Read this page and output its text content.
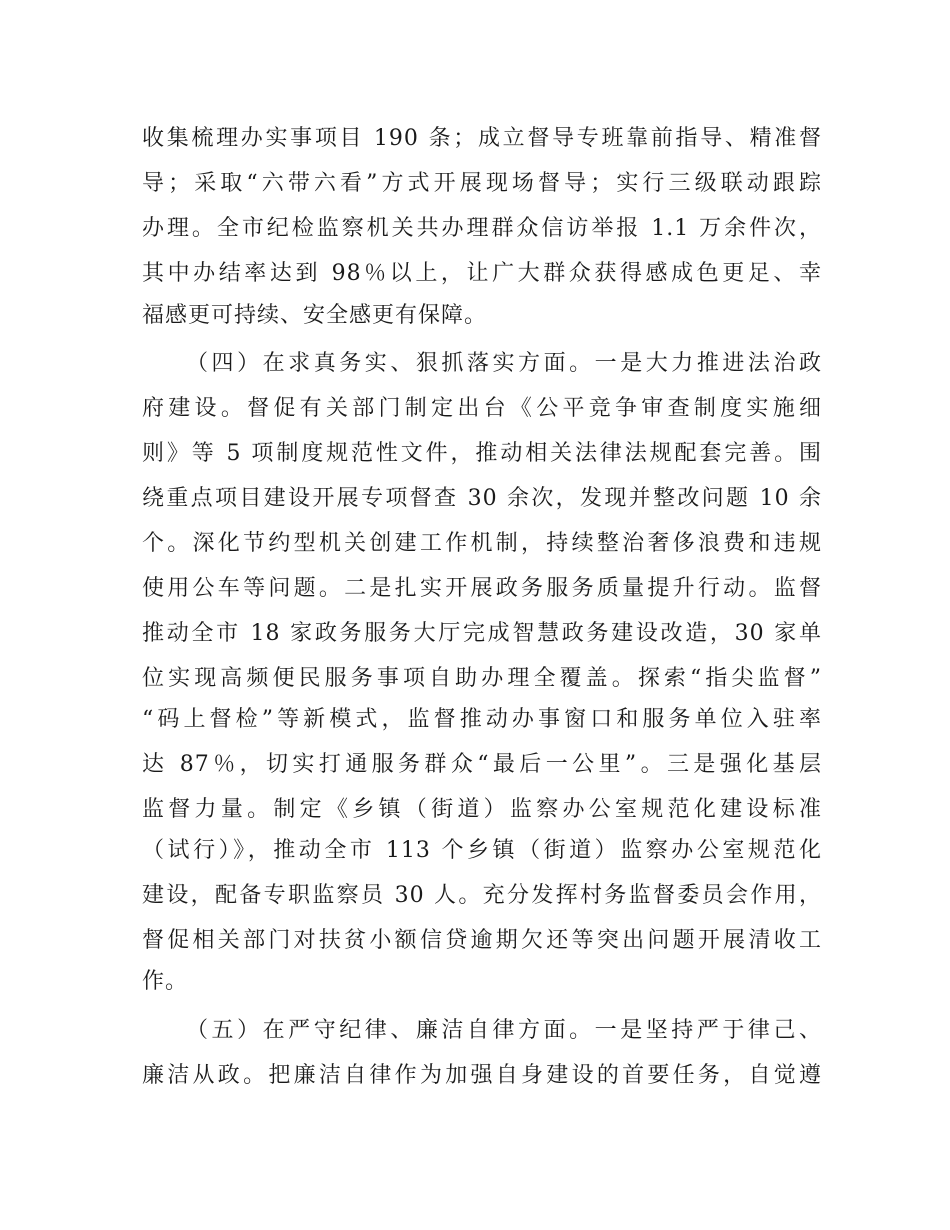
收集梳理办实事项目 190 条；成立督导专班靠前指导、精准督
导；采取“六带六看”方式开展现场督导；实行三级联动跟踪
办理。全市纪检监察机关共办理群众信访举报 1.1 万余件次，
其中办结率达到 98％以上，让广大群众获得感成色更足、幸
福感更可持续、安全感更有保障。
（四）在求真务实、狠抓落实方面。一是大力推进法治政
府建设。督促有关部门制定出台《公平竞争审查制度实施细
则》等 5 项制度规范性文件，推动相关法律法规配套完善。围
绕重点项目建设开展专项督查 30 余次，发现并整改问题 10 余
个。深化节约型机关创建工作机制，持续整治奢侈浪费和违规
使用公车等问题。二是扎实开展政务服务质量提升行动。监督
推动全市 18 家政务服务大厅完成智慧政务建设改造，30 家单
位实现高频便民服务事项自助办理全覆盖。探索“指尖监督”
“码上督检”等新模式，监督推动办事窗口和服务单位入驻率
达 87％，切实打通服务群众“最后一公里”。三是强化基层
监督力量。制定《乡镇（街道）监察办公室规范化建设标准
（试行）》，推动全市 113 个乡镇（街道）监察办公室规范化
建设，配备专职监察员 30 人。充分发挥村务监督委员会作用，
督促相关部门对扶贫小额信贷逾期欠还等突出问题开展清收工
作。
（五）在严守纪律、廉洁自律方面。一是坚持严于律己、
廉洁从政。把廉洁自律作为加强自身建设的首要任务，自觉遵
